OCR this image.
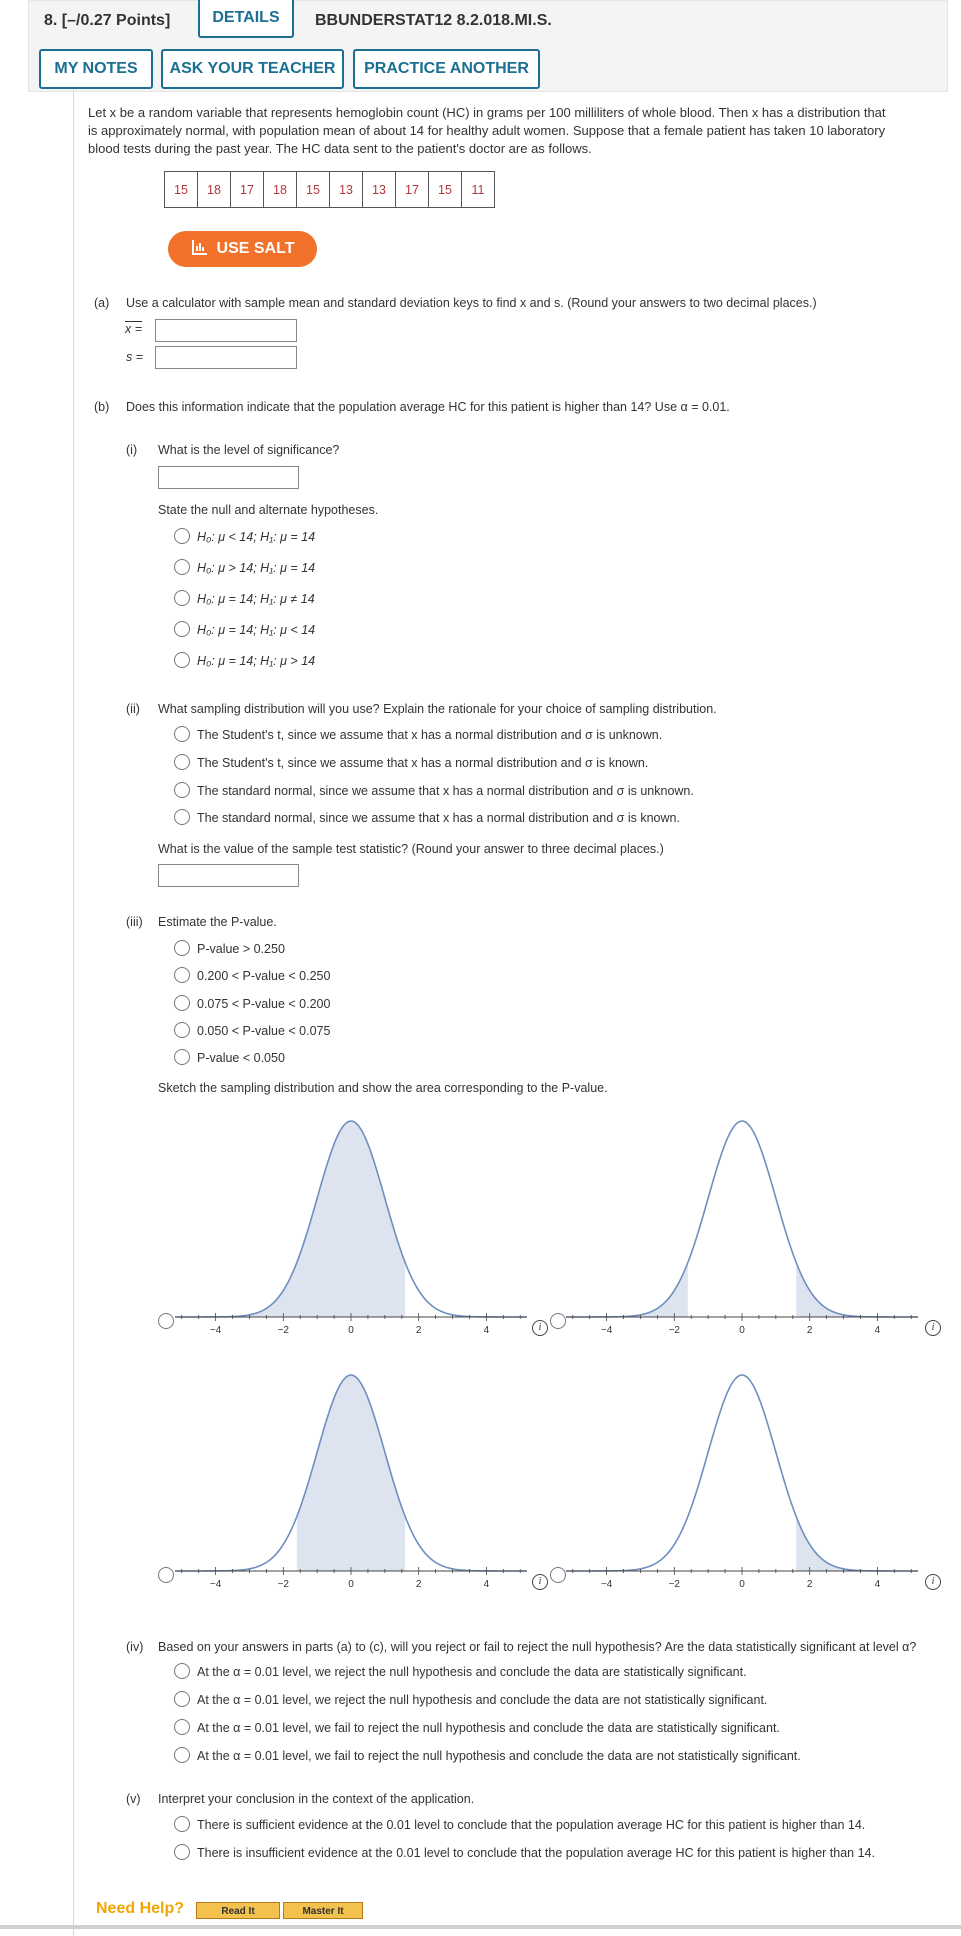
8. [–/0.27 Points]	DETAILS	BBUNDERSTAT12 8.2.018.MI.S.
MY NOTES	ASK YOUR TEACHER	PRACTICE ANOTHER
Let x be a random variable that represents hemoglobin count (HC) in grams per 100 milliliters of whole blood. Then x has a distribution that
is approximately normal, with population mean of about 14 for healthy adult women. Suppose that a female patient has taken 10 laboratory
blood tests during the past year. The HC data sent to the patient's doctor are as follows.
15	18	17	18	15	13	13	17	15	11
USE SALT
(a) Use a calculator with sample mean and standard deviation keys to find x and s. (Round your answers to two decimal places.)
x =
s =
(b) Does this information indicate that the population average HC for this patient is higher than 14? Use α = 0.01.
(i) What is the level of significance?
State the null and alternate hypotheses.
H₀: μ < 14; H₁: μ = 14
H₀: μ > 14; H₁: μ = 14
H₀: μ = 14; H₁: μ ≠ 14
H₀: μ = 14; H₁: μ < 14
H₀: μ = 14; H₁: μ > 14
(ii) What sampling distribution will you use? Explain the rationale for your choice of sampling distribution.
The Student's t, since we assume that x has a normal distribution and σ is unknown.
The Student's t, since we assume that x has a normal distribution and σ is known.
The standard normal, since we assume that x has a normal distribution and σ is unknown.
The standard normal, since we assume that x has a normal distribution and σ is known.
What is the value of the sample test statistic? (Round your answer to three decimal places.)
(iii) Estimate the P-value.
P-value > 0.250
0.200 < P-value < 0.250
0.075 < P-value < 0.200
0.050 < P-value < 0.075
P-value < 0.050
Sketch the sampling distribution and show the area corresponding to the P-value.
−4	−2	0	2	4	−4	−2	0	2	4
−4	−2	0	2	4	−4	−2	0	2	4
i	i
i	i
(iv) Based on your answers in parts (a) to (c), will you reject or fail to reject the null hypothesis? Are the data statistically significant at level α?
At the α = 0.01 level, we reject the null hypothesis and conclude the data are statistically significant.
At the α = 0.01 level, we reject the null hypothesis and conclude the data are not statistically significant.
At the α = 0.01 level, we fail to reject the null hypothesis and conclude the data are statistically significant.
At the α = 0.01 level, we fail to reject the null hypothesis and conclude the data are not statistically significant.
(v) Interpret your conclusion in the context of the application.
There is sufficient evidence at the 0.01 level to conclude that the population average HC for this patient is higher than 14.
There is insufficient evidence at the 0.01 level to conclude that the population average HC for this patient is higher than 14.
Need Help?	Read It	Master It
